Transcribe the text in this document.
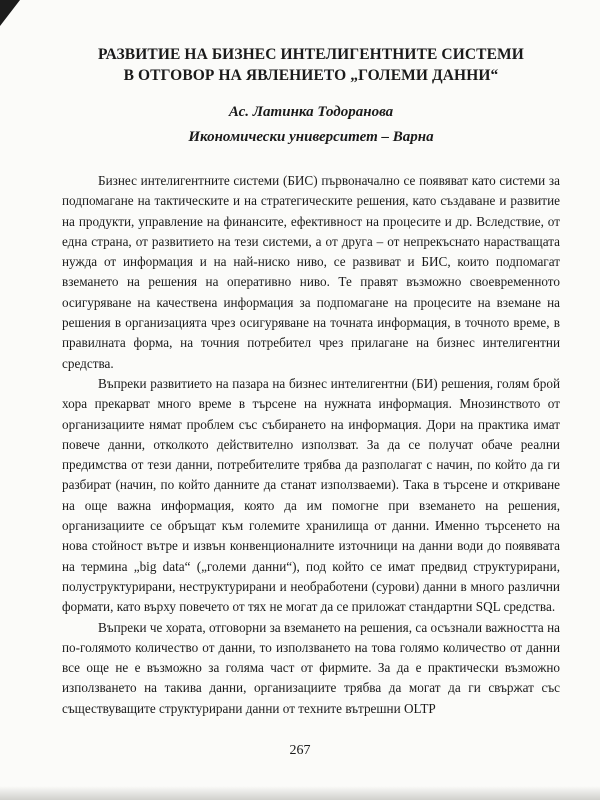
РАЗВИТИЕ НА БИЗНЕС ИНТЕЛИГЕНТНИТЕ СИСТЕМИ
В ОТГОВОР НА ЯВЛЕНИЕТО „ГОЛЕМИ ДАННИ“

Ас. Латинка Тодоранова

Икономически университет – Варна

Бизнес интелигентните системи (БИС) първоначално се появяват като системи за подпомагане на тактическите и на стратегическите решения, като създаване и развитие на продукти, управление на финансите, ефективност на процесите и др. Вследствие, от една страна, от развитието на тези системи, а от друга – от непрекъснато нарастващата нужда от информация и на най-ниско ниво, се развиват и БИС, които подпомагат вземането на решения на оперативно ниво. Те правят възможно своевременното осигуряване на качествена информация за подпомагане на процесите на вземане на решения в организацията чрез осигуряване на точната информация, в точното време, в правилната форма, на точния потребител чрез прилагане на бизнес интелигентни средства.

Въпреки развитието на пазара на бизнес интелигентни (БИ) решения, голям брой хора прекарват много време в търсене на нужната информация. Мнозинството от организациите нямат проблем със събирането на информация. Дори на практика имат повече данни, отколкото действително използват. За да се получат обаче реални предимства от тези данни, потребителите трябва да разполагат с начин, по който да ги разбират (начин, по който данните да станат използваеми). Така в търсене и откриване на още важна информация, която да им помогне при вземането на решения, организациите се обръщат към големите хранилища от данни. Именно търсенето на нова стойност вътре и извън конвенционалните източници на данни води до появявата на термина „big data“ („големи данни“), под който се имат предвид структурирани, полуструктурирани, неструктурирани и необработени (сурови) данни в много различни формати, като върху повечето от тях не могат да се приложат стандартни SQL средства.

Въпреки че хората, отговорни за вземането на решения, са осъзнали важността на по-голямото количество от данни, то използването на това голямо количество от данни все още не е възможно за голяма част от фирмите. За да е практически възможно използването на такива данни, организациите трябва да могат да ги свържат със съществуващите структурирани данни от техните вътрешни OLTP

267
